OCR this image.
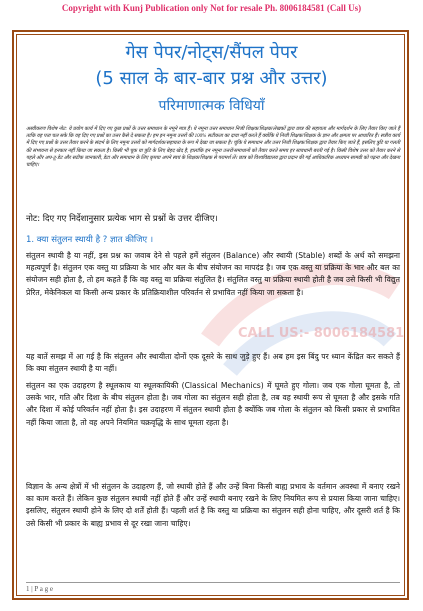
Copyright with Kunj Publication only Not for resale Ph. 8006184581 (Call Us)
गेस पेपर/नोट्स/सैंपल पेपर
(5 साल के बार-बार प्रश्न और उत्तर)
परिमाणात्मक विधियाँ
अस्वीकरण विशेष नोट: ये प्रयोग कार्य में दिए गए कुछ प्रश्नों के उत्तर समाधान के नमूने मात्र हैं। ये नमूना उत्तर समाधान निजी शिक्षक/शिक्षक/लेखकों द्वारा छात्र की सहायता और मार्गदर्शन के लिए तैयार किए जाते हैं ताकि यह पता चल सके कि वह दिए गए प्रश्नों का उत्तर कैसे दे सकता है। हम इन नमूना उत्तरों की 100% सटीकता का दावा नहीं करते हैं क्योंकि ये निजी शिक्षक/शिक्षक के ज्ञान और क्षमता पर आधारित हैं। सत्रीय कार्य में दिए गए प्रश्नों के उत्तर तैयार करने के संदर्भ के लिए नमूना उत्तरों को मार्गदर्शक/सहायता के रूप में देखा जा सकता है। चूंकि ये समाधान और उत्तर निजी शिक्षक/शिक्षक द्वारा तैयार किए जाते हैं, इसलिए त्रुटि या गलती की संभावना से इनकार नहीं किया जा सकता है। किसी भी चूक या त्रुटि के लिए बेहद खेद है, हालांकि इन नमूना उत्तरों/समाधानों को तैयार करते समय हर सावधानी बरती गई है। किसी विशेष उत्तर को तैयार करने से पहले और अप-टू-डेट और सटीक जानकारी, डेटा और समाधान के लिए कृपया अपने स्वयं के शिक्षक/शिक्षक से परामर्श लें। छात्र को विश्वविद्यालय द्वारा प्रदान की गई आधिकारिक अध्ययन सामग्री को पढ़ना और देखना चाहिए।
नोट: दिए गए निर्देशानुसार प्रत्येक भाग से प्रश्नों के उत्तर दीजिए।
1. क्या संतुलन स्थायी है ? ज्ञात कीजिए ।
CALL US:- 8006184581
संतुलन स्थायी है या नहीं, इस प्रश्न का जवाब देने से पहले हमें संतुलन (Balance) और स्थायी (Stable) शब्दों के अर्थ को समझना महत्वपूर्ण है। संतुलन एक वस्तु या प्रक्रिया के भार और बल के बीच संयोजन का मापदंड है। जब एक वस्तु या प्रक्रिया के भार और बल का संयोजन सही होता है, तो हम कहते हैं कि वह वस्तु या प्रक्रिया संतुलित है। संतुलित वस्तु या प्रक्रिया स्थायी होती है जब उसे किसी भी विद्युत प्रेरित, मेकेनिकल या किसी अन्य प्रकार के प्रतिक्रियाशील परिवर्तन से प्रभावित नहीं किया जा सकता है।
यह बातें समझ में आ गई है कि संतुलन और स्थायीता दोनों एक दूसरे के साथ जुड़े हुए हैं। अब हम इस बिंदु पर ध्यान केंद्रित कर सकते हैं कि क्या संतुलन स्थायी है या नहीं।
संतुलन का एक उदाहरण है स्थूलकाय या स्थूलकायिकी (Classical Mechanics) में घूमते हुए गोला। जब एक गोला घूमता है, तो उसके भार, गति और दिशा के बीच संतुलन होता है। जब गोला का संतुलन सही होता है, तब वह स्थायी रूप से घूमता है और इसके गति और दिशा में कोई परिवर्तन नहीं होता है। इस उदाहरण में संतुलन स्थायी होता है क्योंकि जब गोला के संतुलन को किसी प्रकार से प्रभावित नहीं किया जाता है, तो वह अपने नियमित चक्रवृद्धि के साथ घूमता रहता है।
विज्ञान के अन्य क्षेत्रों में भी संतुलन के उदाहरण हैं, जो स्थायी होते हैं और उन्हें बिना किसी बाह्य प्रभाव के वर्तमान अवस्था में बनाए रखने का काम करते हैं। लेकिन कुछ संतुलन स्थायी नहीं होते हैं और उन्हें स्थायी बनाए रखने के लिए नियमित रूप से प्रयास किया जाना चाहिए। इसलिए, संतुलन स्थायी होने के लिए दो शर्तें होती हैं। पहली शर्त है कि वस्तु या प्रक्रिया का संतुलन सही होना चाहिए, और दूसरी शर्त है कि उसे किसी भी प्रकार के बाह्य प्रभाव से दूर रखा जाना चाहिए।
1 | P a g e
